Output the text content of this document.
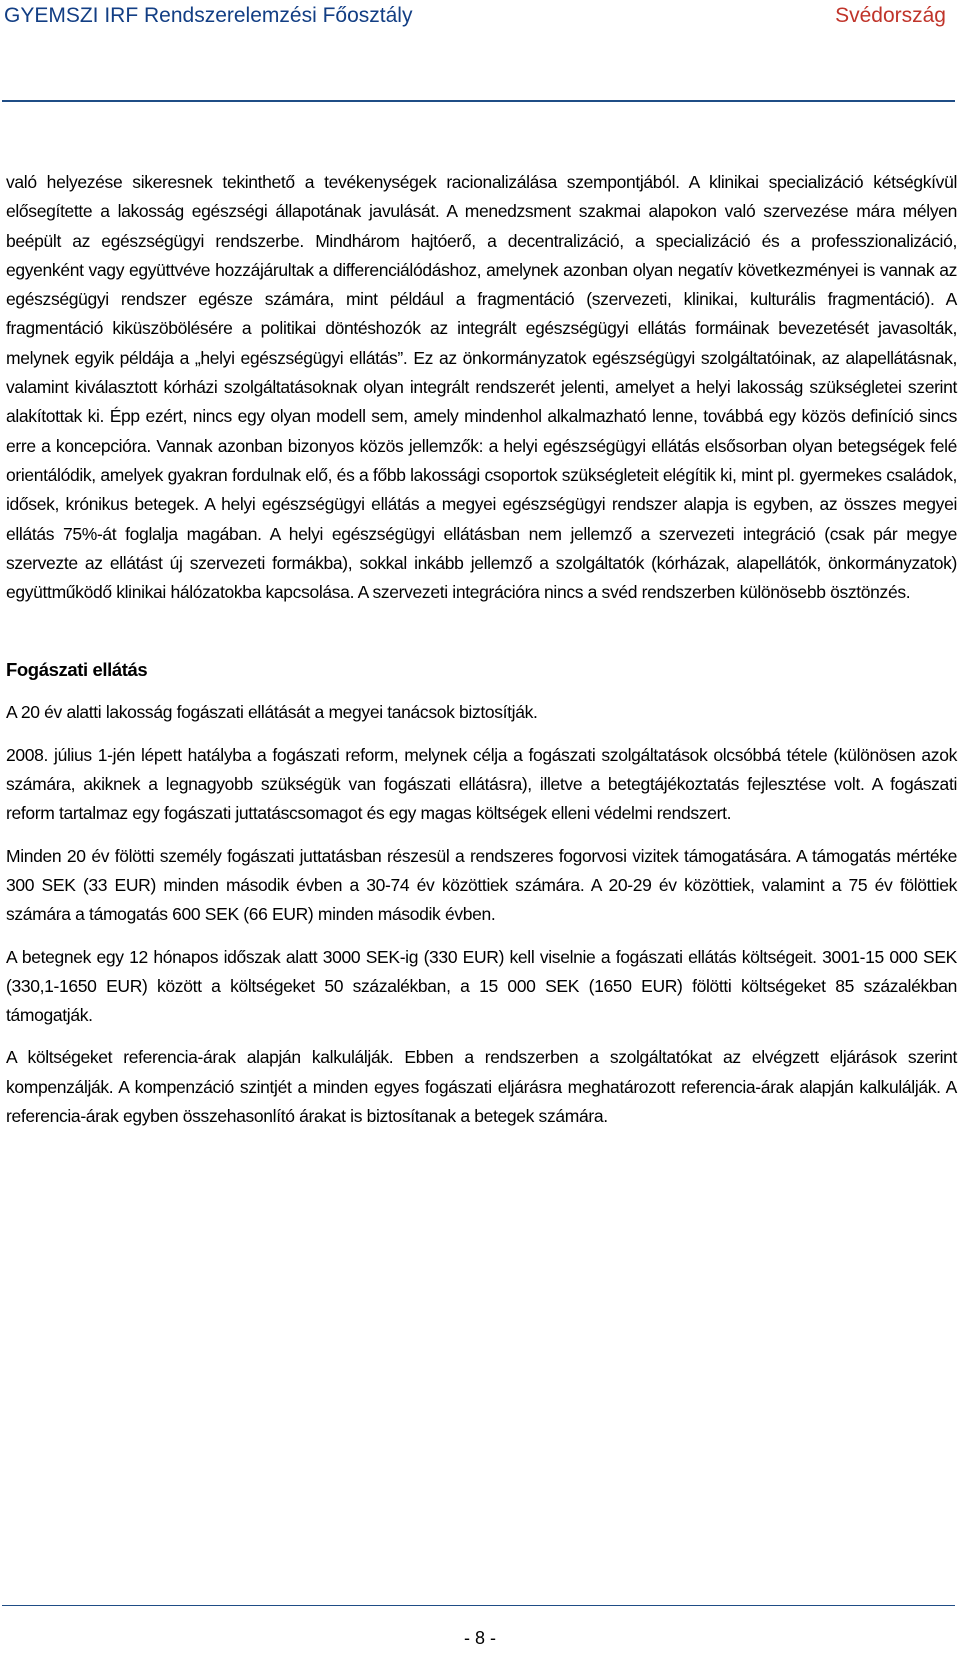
GYEMSZI IRF Rendszerelemzési Főosztály	Svédország

való helyezése sikeresnek tekinthető a tevékenységek racionalizálása szempontjából. A klinikai specializáció kétségkívül elősegítette a lakosság egészségi állapotának javulását. A menedzsment szakmai alapokon való szervezése mára mélyen beépült az egészségügyi rendszerbe. Mindhárom hajtóerő, a decentralizáció, a specializáció és a professzionalizáció, egyenként vagy együttvéve hozzájárultak a differenciálódáshoz, amelynek azonban olyan negatív következményei is vannak az egészségügyi rendszer egésze számára, mint például a fragmentáció (szervezeti, klinikai, kulturális fragmentáció). A fragmentáció kiküszöbölésére a politikai döntéshozók az integrált egészségügyi ellátás formáinak bevezetését javasolták, melynek egyik példája a „helyi egészségügyi ellátás”. Ez az önkormányzatok egészségügyi szolgáltatóinak, az alapellátásnak, valamint kiválasztott kórházi szolgáltatásoknak olyan integrált rendszerét jelenti, amelyet a helyi lakosság szükségletei szerint alakítottak ki. Épp ezért, nincs egy olyan modell sem, amely mindenhol alkalmazható lenne, továbbá egy közös definíció sincs erre a koncepcióra. Vannak azonban bizonyos közös jellemzők: a helyi egészségügyi ellátás elsősorban olyan betegségek felé orientálódik, amelyek gyakran fordulnak elő, és a főbb lakossági csoportok szükségleteit elégítik ki, mint pl. gyermekes családok, idősek, krónikus betegek. A helyi egészségügyi ellátás a megyei egészségügyi rendszer alapja is egyben, az összes megyei ellátás 75%-át foglalja magában. A helyi egészségügyi ellátásban nem jellemző a szervezeti integráció (csak pár megye szervezte az ellátást új szervezeti formákba), sokkal inkább jellemző a szolgáltatók (kórházak, alapellátók, önkormányzatok) együttműködő klinikai hálózatokba kapcsolása. A szervezeti integrációra nincs a svéd rendszerben különösebb ösztönzés.

Fogászati ellátás

A 20 év alatti lakosság fogászati ellátását a megyei tanácsok biztosítják.

2008. július 1-jén lépett hatályba a fogászati reform, melynek célja a fogászati szolgáltatások olcsóbbá tétele (különösen azok számára, akiknek a legnagyobb szükségük van fogászati ellátásra), illetve a betegtájékoztatás fejlesztése volt. A fogászati reform tartalmaz egy fogászati juttatáscsomagot és egy magas költségek elleni védelmi rendszert.

Minden 20 év fölötti személy fogászati juttatásban részesül a rendszeres fogorvosi vizitek támogatására. A támogatás mértéke 300 SEK (33 EUR) minden második évben a 30-74 év közöttiek számára. A 20-29 év közöttiek, valamint a 75 év fölöttiek számára a támogatás 600 SEK (66 EUR) minden második évben.

A betegnek egy 12 hónapos időszak alatt 3000 SEK-ig (330 EUR) kell viselnie a fogászati ellátás költségeit. 3001-15 000 SEK (330,1-1650 EUR) között a költségeket 50 százalékban, a 15 000 SEK (1650 EUR) fölötti költségeket 85 százalékban támogatják.

A költségeket referencia-árak alapján kalkulálják. Ebben a rendszerben a szolgáltatókat az elvégzett eljárások szerint kompenzálják. A kompenzáció szintjét a minden egyes fogászati eljárásra meghatározott referencia-árak alapján kalkulálják. A referencia-árak egyben összehasonlító árakat is biztosítanak a betegek számára.

- 8 -
